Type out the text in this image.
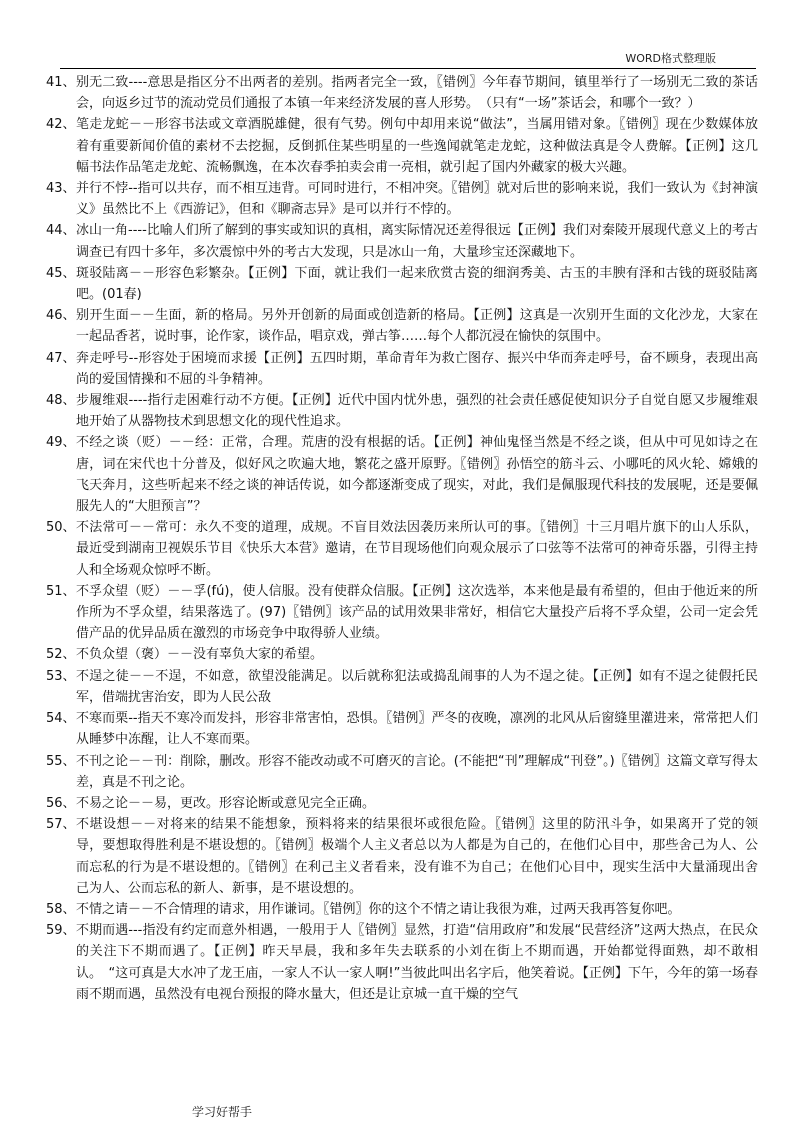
WORD格式整理版
41、 别无二致----意思是指区分不出两者的差别。指两者完全一致，〖错例〗今年春节期间，镇里举行了一场别无二致的茶话会，向返乡过节的流动党员们通报了本镇一年来经济发展的喜人形势。　（只有“一场”茶话会，和哪个一致？）
42、 笔走龙蛇－－形容书法或文章酒脱雄健，很有气势。例句中却用来说“做法”，当属用错对象。〖错例〗现在少数媒体放着有重要新闻价值的素材不去挖掘，反倒抓住某些明星的一些逸闻就笔走龙蛇，这种做法真是令人费解。【正例】这几幅书法作品笔走龙蛇、流畅飘逸，在本次春季拍卖会甫一亮相，就引起了国内外藏家的极大兴趣。
43、 并行不悖--指可以共存，而不相互违背。可同时进行，不相冲突。〖错例〗就对后世的影响来说，我们一致认为《封神演义》虽然比不上《西游记》，但和《聊斋志异》是可以并行不悖的。
44、 冰山一角----比喻人们所了解到的事实或知识的真相，离实际情况还差得很远【正例】我们对秦陵开展现代意义上的考古调查已有四十多年，多次震惊中外的考古大发现，只是冰山一角，大量珍宝还深藏地下。
45、 斑驳陆离－－形容色彩繁杂。【正例】下面，就让我们一起来欣赏古瓷的细润秀美、古玉的丰腴有泽和古钱的斑驳陆离吧。(01春)
46、 别开生面－－生面，新的格局。另外开创新的局面或创造新的格局。【正例】这真是一次别开生面的文化沙龙，大家在一起品香茗，说时事，论作家，谈作品，唱京戏，弹古筝……每个人都沉浸在愉快的氛围中。
47、 奔走呼号--形容处于困境而求援【正例】五四时期，革命青年为救亡图存、振兴中华而奔走呼号，奋不顾身，表现出高尚的爱国情操和不屈的斗争精神。
48、 步履维艰----指行走困难行动不方便。【正例】近代中国内忧外患，强烈的社会责任感促使知识分子自觉自愿又步履维艰地开始了从器物技术到思想文化的现代性追求。
49、 不经之谈（贬）－－经：正常，合理。荒唐的没有根据的话。【正例】神仙鬼怪当然是不经之谈，但从中可见如诗之在唐，词在宋代也十分普及，似好风之吹遍大地，繁花之盛开原野。〖错例〗孙悟空的筋斗云、小哪吒的风火轮、嫦娥的飞天奔月，这些听起来不经之谈的神话传说，如今都逐渐变成了现实，对此，我们是佩服现代科技的发展呢，还是要佩服先人的“大胆预言”？
50、 不法常可－－常可：永久不变的道理，成规。不盲目效法因袭历来所认可的事。〖错例〗十三月唱片旗下的山人乐队，最近受到湖南卫视娱乐节目《快乐大本营》邀请，在节目现场他们向观众展示了口弦等不法常可的神奇乐器，引得主持人和全场观众惊呼不断。
51、 不孚众望（贬）－－孚(fú)，使人信服。没有使群众信服。【正例】这次选举，本来他是最有希望的，但由于他近来的所作所为不孚众望，结果落选了。(97)〖错例〗该产品的试用效果非常好，相信它大量投产后将不孚众望，公司一定会凭借产品的优异品质在激烈的市场竞争中取得骄人业绩。
52、 不负众望（褒）－－没有辜负大家的希望。
53、 不逞之徒－－不逞，不如意，欲望没能满足。以后就称犯法或捣乱闹事的人为不逞之徒。【正例】如有不逞之徒假托民军，借端扰害治安，即为人民公敌
54、 不寒而栗--指天不寒冷而发抖，形容非常害怕，恐惧。〖错例〗严冬的夜晚，凛冽的北风从后窗缝里灌进来，常常把人们从睡梦中冻醒，让人不寒而栗。
55、 不刊之论－－刊：削除，删改。形容不能改动或不可磨灭的言论。(不能把“刊”理解成“刊登”。)〖错例〗这篇文章写得太差，真是不刊之论。
56、 不易之论－－易，更改。形容论断或意见完全正确。
57、 不堪设想－－对将来的结果不能想象，预料将来的结果很坏或很危险。〖错例〗这里的防汛斗争，如果离开了党的领导，要想取得胜利是不堪设想的。〖错例〗极端个人主义者总以为人都是为自己的，在他们心目中，那些舍己为人、公而忘私的行为是不堪设想的。〖错例〗在利己主义者看来，没有谁不为自己；在他们心目中，现实生活中大量涌现出舍己为人、公而忘私的新人、新事，是不堪设想的。
58、 不情之请－－不合情理的请求，用作谦词。〖错例〗你的这个不情之请让我很为难，过两天我再答复你吧。
59、 不期而遇---指没有约定而意外相遇，一般用于人〖错例〗显然，打造“信用政府”和发展“民营经济”这两大热点，在民众的关注下不期而遇了。【正例】昨天早晨，我和多年失去联系的小刘在街上不期而遇，开始都觉得面熟，却不敢相认。　“这可真是大水冲了龙王庙，一家人不认一家人啊!”当彼此叫出名字后，他笑着说。【正例】下午，今年的第一场春雨不期而遇，虽然没有电视台预报的降水量大，但还是让京城一直干燥的空气
学习好帮手
